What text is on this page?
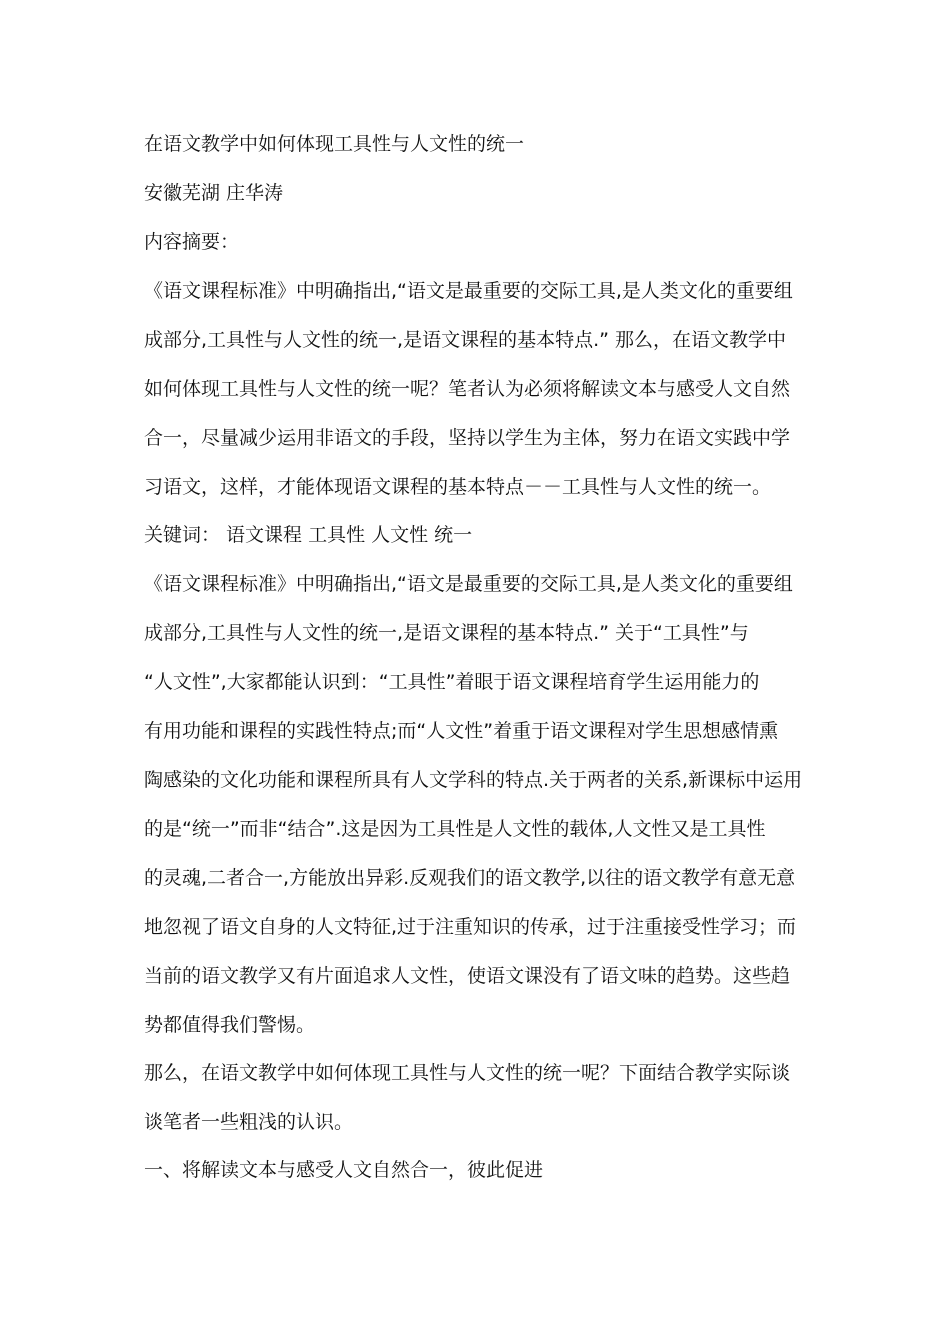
在语文教学中如何体现工具性与人文性的统一
安徽芜湖 庄华涛
内容摘要：
《语文课程标准》中明确指出,“语文是最重要的交际工具,是人类文化的重要组
成部分,工具性与人文性的统一,是语文课程的基本特点.” 那么，在语文教学中
如何体现工具性与人文性的统一呢？笔者认为必须将解读文本与感受人文自然
合一，尽量减少运用非语文的手段，坚持以学生为主体，努力在语文实践中学
习语文，这样，才能体现语文课程的基本特点－－工具性与人文性的统一。
关键词： 语文课程 工具性 人文性 统一
《语文课程标准》中明确指出,“语文是最重要的交际工具,是人类文化的重要组
成部分,工具性与人文性的统一,是语文课程的基本特点.” 关于“工具性”与
“人文性”,大家都能认识到：“工具性”着眼于语文课程培育学生运用能力的
有用功能和课程的实践性特点;而“人文性”着重于语文课程对学生思想感情熏
陶感染的文化功能和课程所具有人文学科的特点.关于两者的关系,新课标中运用
的是“统一”而非“结合”.这是因为工具性是人文性的载体,人文性又是工具性
的灵魂,二者合一,方能放出异彩.反观我们的语文教学,以往的语文教学有意无意
地忽视了语文自身的人文特征,过于注重知识的传承，过于注重接受性学习；而
当前的语文教学又有片面追求人文性，使语文课没有了语文味的趋势。这些趋
势都值得我们警惕。
那么，在语文教学中如何体现工具性与人文性的统一呢？下面结合教学实际谈
谈笔者一些粗浅的认识。
一、将解读文本与感受人文自然合一，彼此促进
